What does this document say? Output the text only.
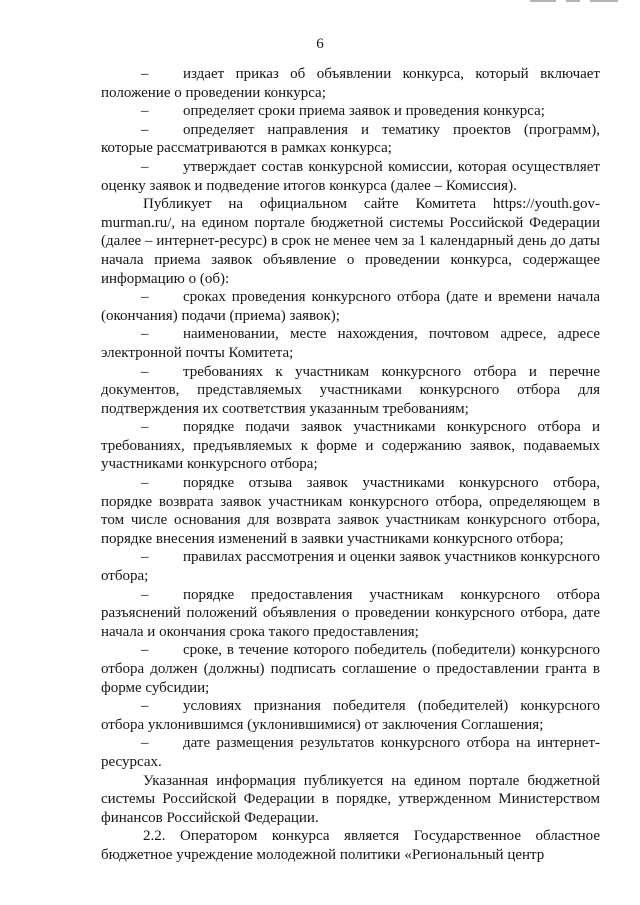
6

– издает приказ об объявлении конкурса, который включает положение о проведении конкурса;

– определяет сроки приема заявок и проведения конкурса;

– определяет направления и тематику проектов (программ), которые рассматриваются в рамках конкурса;

– утверждает состав конкурсной комиссии, которая осуществляет оценку заявок и подведение итогов конкурса (далее – Комиссия).

Публикует на официальном сайте Комитета https://youth.gov-murman.ru/, на едином портале бюджетной системы Российской Федерации (далее – интернет-ресурс) в срок не менее чем за 1 календарный день до даты начала приема заявок объявление о проведении конкурса, содержащее информацию о (об):

– сроках проведения конкурсного отбора (дате и времени начала (окончания) подачи (приема) заявок);

– наименовании, месте нахождения, почтовом адресе, адресе электронной почты Комитета;

– требованиях к участникам конкурсного отбора и перечне документов, представляемых участниками конкурсного отбора для подтверждения их соответствия указанным требованиям;

– порядке подачи заявок участниками конкурсного отбора и требованиях, предъявляемых к форме и содержанию заявок, подаваемых участниками конкурсного отбора;

– порядке отзыва заявок участниками конкурсного отбора, порядке возврата заявок участникам конкурсного отбора, определяющем в том числе основания для возврата заявок участникам конкурсного отбора, порядке внесения изменений в заявки участниками конкурсного отбора;

– правилах рассмотрения и оценки заявок участников конкурсного отбора;

– порядке предоставления участникам конкурсного отбора разъяснений положений объявления о проведении конкурсного отбора, дате начала и окончания срока такого предоставления;

– сроке, в течение которого победитель (победители) конкурсного отбора должен (должны) подписать соглашение о предоставлении гранта в форме субсидии;

– условиях признания победителя (победителей) конкурсного отбора уклонившимся (уклонившимися) от заключения Соглашения;

– дате размещения результатов конкурсного отбора на интернет-ресурсах.

Указанная информация публикуется на едином портале бюджетной системы Российской Федерации в порядке, утвержденном Министерством финансов Российской Федерации.

2.2. Оператором конкурса является Государственное областное бюджетное учреждение молодежной политики «Региональный центр
